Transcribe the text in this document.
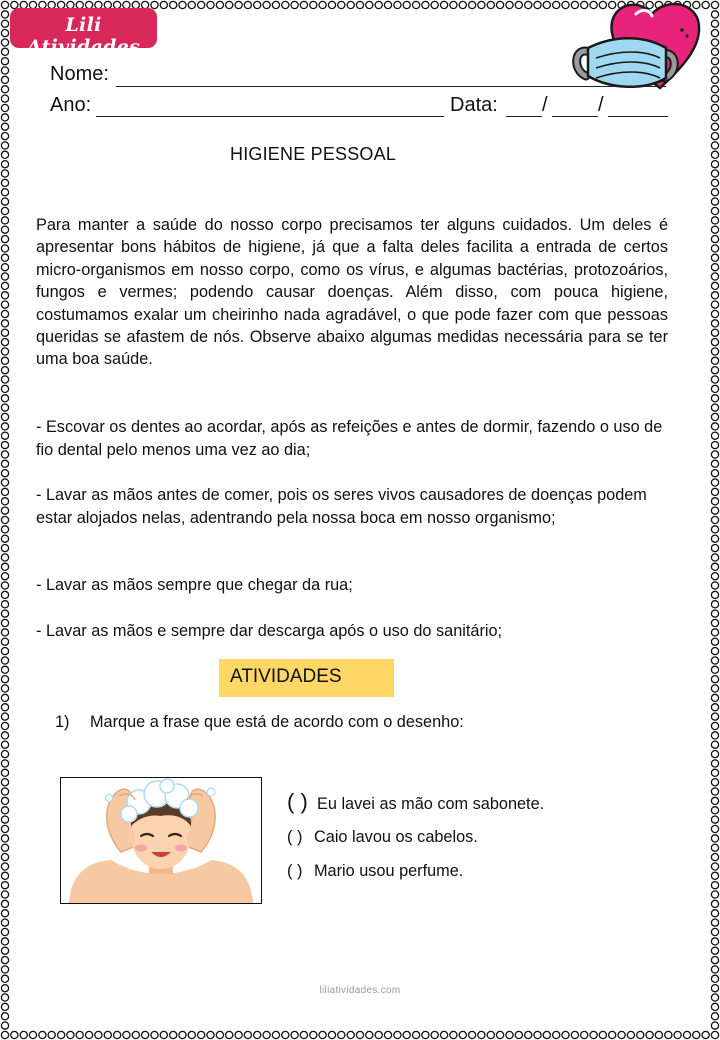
Lili Atividades
Nome:
Ano:	Data: /	/
HIGIENE PESSOAL
Para manter a saúde do nosso corpo precisamos ter alguns cuidados. Um deles é apresentar bons hábitos de higiene, já que a falta deles facilita a entrada de certos micro-organismos em nosso corpo, como os vírus, e algumas bactérias, protozoários, fungos e vermes; podendo causar doenças. Além disso, com pouca higiene, costumamos exalar um cheirinho nada agradável, o que pode fazer com que pessoas queridas se afastem de nós. Observe abaixo algumas medidas necessária para se ter uma boa saúde.
- Escovar os dentes ao acordar, após as refeições e antes de dormir, fazendo o uso de fio dental pelo menos uma vez ao dia;
- Lavar as mãos antes de comer, pois os seres vivos causadores de doenças podem estar alojados nelas, adentrando pela nossa boca em nosso organismo;
- Lavar as mãos sempre que chegar da rua;
- Lavar as mãos e sempre dar descarga após o uso do sanitário;
ATIVIDADES
1) Marque a frase que está de acordo com o desenho:
( ) Eu lavei as mão com sabonete.
( ) Caio lavou os cabelos.
( ) Mario usou perfume.
liliatividades.com
